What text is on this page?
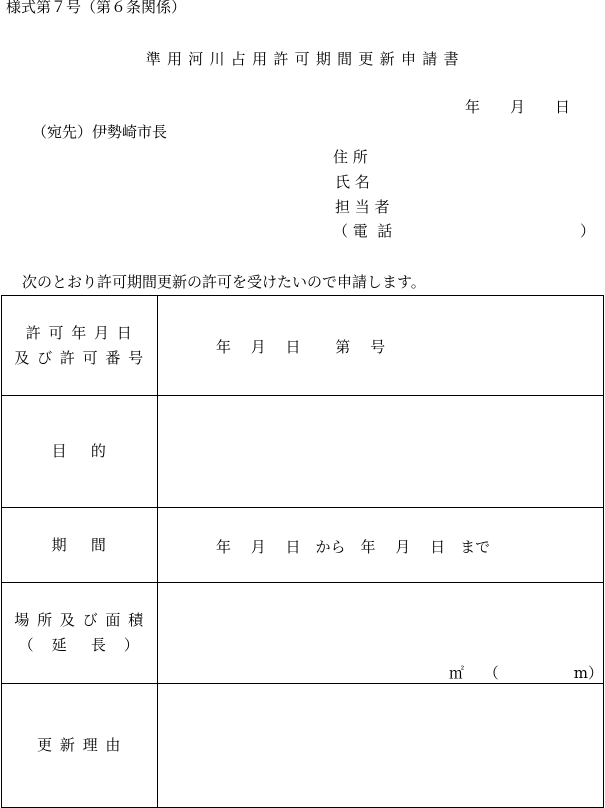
様式第７号（第６条関係）
準 用 河 川 占 用 許 可 期 間 更 新 申 請 書
年　　月　　日
（宛先）伊勢崎市長
住 所
氏 名
担 当 者
（ 電  話	）
次のとおり許可期間更新の許可を受けたいので申請します。
許 可 年 月 日
及 び 許 可 番 号	年　 月　 日　　 第　 号

目　 的	

期　 間	年　 月　 日　から　年　 月　 日　まで

場 所 及 び 面 積
（　延　 長　）	㎡　 （　　　　　m）

更 新 理 由	
